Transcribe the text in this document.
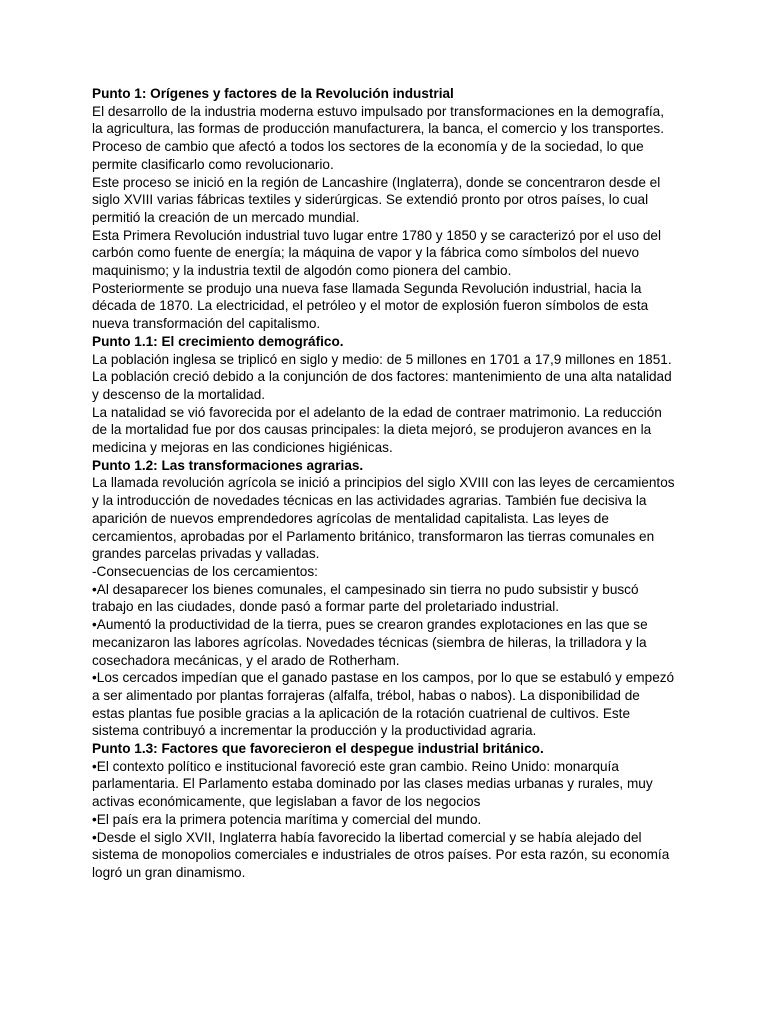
Punto 1: Orígenes y factores de la Revolución industrial

El desarrollo de la industria moderna estuvo impulsado por transformaciones en la demografía, la agricultura, las formas de producción manufacturera, la banca, el comercio y los transportes. Proceso de cambio que afectó a todos los sectores de la economía y de la sociedad, lo que permite clasificarlo como revolucionario.

Este proceso se inició en la región de Lancashire (Inglaterra), donde se concentraron desde el siglo XVIII varias fábricas textiles y siderúrgicas. Se extendió pronto por otros países, lo cual permitió la creación de un mercado mundial.

Esta Primera Revolución industrial tuvo lugar entre 1780 y 1850 y se caracterizó por el uso del carbón como fuente de energía; la máquina de vapor y la fábrica como símbolos del nuevo maquinismo; y la industria textil de algodón como pionera del cambio.

Posteriormente se produjo una nueva fase llamada Segunda Revolución industrial, hacia la década de 1870. La electricidad, el petróleo y el motor de explosión fueron símbolos de esta nueva transformación del capitalismo.

Punto 1.1: El crecimiento demográfico.

La población inglesa se triplicó en siglo y medio: de 5 millones en 1701 a 17,9 millones en 1851. La población creció debido a la conjunción de dos factores: mantenimiento de una alta natalidad y descenso de la mortalidad.

La natalidad se vió favorecida por el adelanto de la edad de contraer matrimonio. La reducción de la mortalidad fue por dos causas principales: la dieta mejoró, se produjeron avances en la medicina y mejoras en las condiciones higiénicas.

Punto 1.2: Las transformaciones agrarias.

La llamada revolución agrícola se inició a principios del siglo XVIII con las leyes de cercamientos y la introducción de novedades técnicas en las actividades agrarias. También fue decisiva la aparición de nuevos emprendedores agrícolas de mentalidad capitalista. Las leyes de cercamientos, aprobadas por el Parlamento británico, transformaron las tierras comunales en grandes parcelas privadas y valladas.

-Consecuencias de los cercamientos:

•Al desaparecer los bienes comunales, el campesinado sin tierra no pudo subsistir y buscó trabajo en las ciudades, donde pasó a formar parte del proletariado industrial.

•Aumentó la productividad de la tierra, pues se crearon grandes explotaciones en las que se mecanizaron las labores agrícolas. Novedades técnicas (siembra de hileras, la trilladora y la cosechadora mecánicas, y el arado de Rotherham.

•Los cercados impedían que el ganado pastase en los campos, por lo que se estabuló y empezó a ser alimentado por plantas forrajeras (alfalfa, trébol, habas o nabos). La disponibilidad de estas plantas fue posible gracias a la aplicación de la rotación cuatrienal de cultivos. Este sistema contribuyó a incrementar la producción y la productividad agraria.

Punto 1.3: Factores que favorecieron el despegue industrial británico.

•El contexto político e institucional favoreció este gran cambio. Reino Unido: monarquía parlamentaria. El Parlamento estaba dominado por las clases medias urbanas y rurales, muy activas económicamente, que legislaban a favor de los negocios

•El país era la primera potencia marítima y comercial del mundo.

•Desde el siglo XVII, Inglaterra había favorecido la libertad comercial y se había alejado del sistema de monopolios comerciales e industriales de otros países. Por esta razón, su economía logró un gran dinamismo.
